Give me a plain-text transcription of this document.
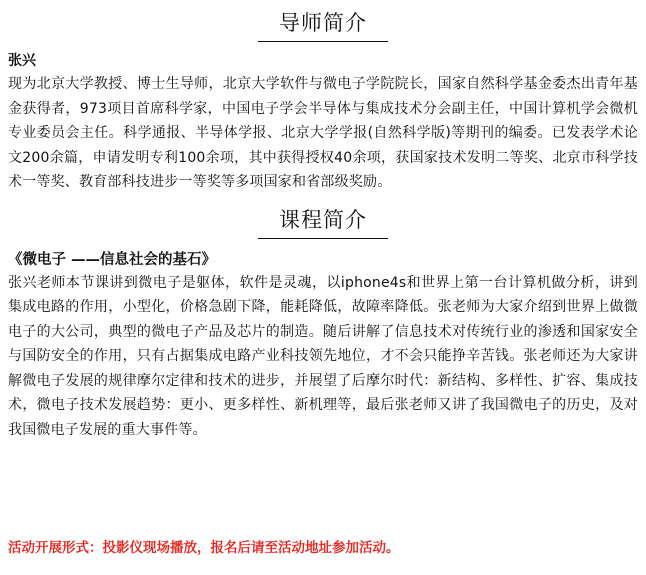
导师简介
张兴

现为北京大学教授、博士生导师，北京大学软件与微电子学院院长，国家自然科学基金委杰出青年基金获得者，973项目首席科学家，中国电子学会半导体与集成技术分会副主任，中国计算机学会微机专业委员会主任。科学通报、半导体学报、北京大学学报(自然科学版)等期刊的编委。已发表学术论文200余篇，申请发明专利100余项，其中获得授权40余项，获国家技术发明二等奖、北京市科学技术一等奖、教育部科技进步一等奖等多项国家和省部级奖励。

课程简介
《微电子 ——信息社会的基石》

张兴老师本节课讲到微电子是躯体，软件是灵魂，以iphone4s和世界上第一台计算机做分析，讲到集成电路的作用，小型化，价格急剧下降，能耗降低，故障率降低。张老师为大家介绍到世界上做微电子的大公司，典型的微电子产品及芯片的制造。随后讲解了信息技术对传统行业的渗透和国家安全与国防安全的作用，只有占据集成电路产业科技领先地位，才不会只能挣辛苦钱。张老师还为大家讲解微电子发展的规律摩尔定律和技术的进步，并展望了后摩尔时代：新结构、多样性、扩容、集成技术，微电子技术发展趋势：更小、更多样性、新机理等，最后张老师又讲了我国微电子的历史，及对我国微电子发展的重大事件等。

活动开展形式：投影仪现场播放，报名后请至活动地址参加活动。
